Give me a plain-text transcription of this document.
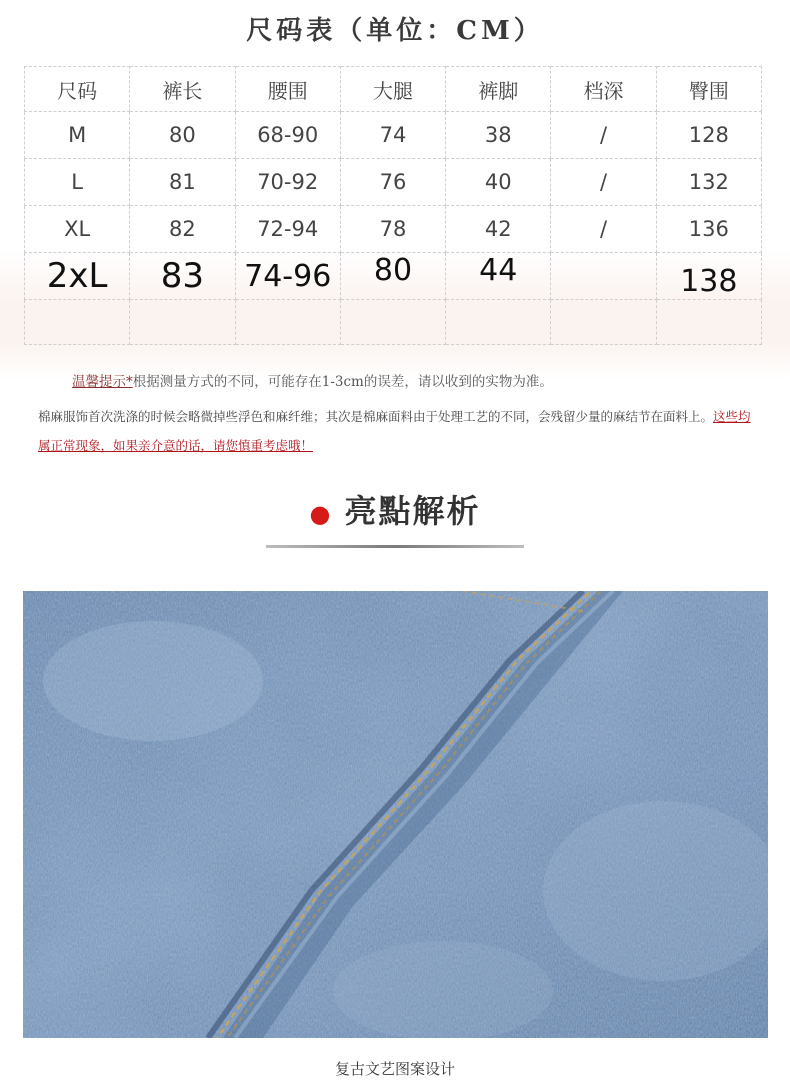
尺码表（单位：CM）
尺码	裤长	腰围	大腿	裤脚	档深	臀围
M	80	68-90	74	38	/	128
L	81	70-92	76	40	/	132
XL	82	72-94	78	42	/	136
2xL	83	74-96	80	44		138

温馨提示*根据测量方式的不同，可能存在1-3cm的误差，请以收到的实物为准。
棉麻服饰首次洗涤的时候会略微掉些浮色和麻纤维；其次是棉麻面料由于处理工艺的不同，会残留少量的麻结节在面料上。这些均属正常现象，如果亲介意的话，请您慎重考虑哦！
● 亮點解析
复古文艺图案设计
